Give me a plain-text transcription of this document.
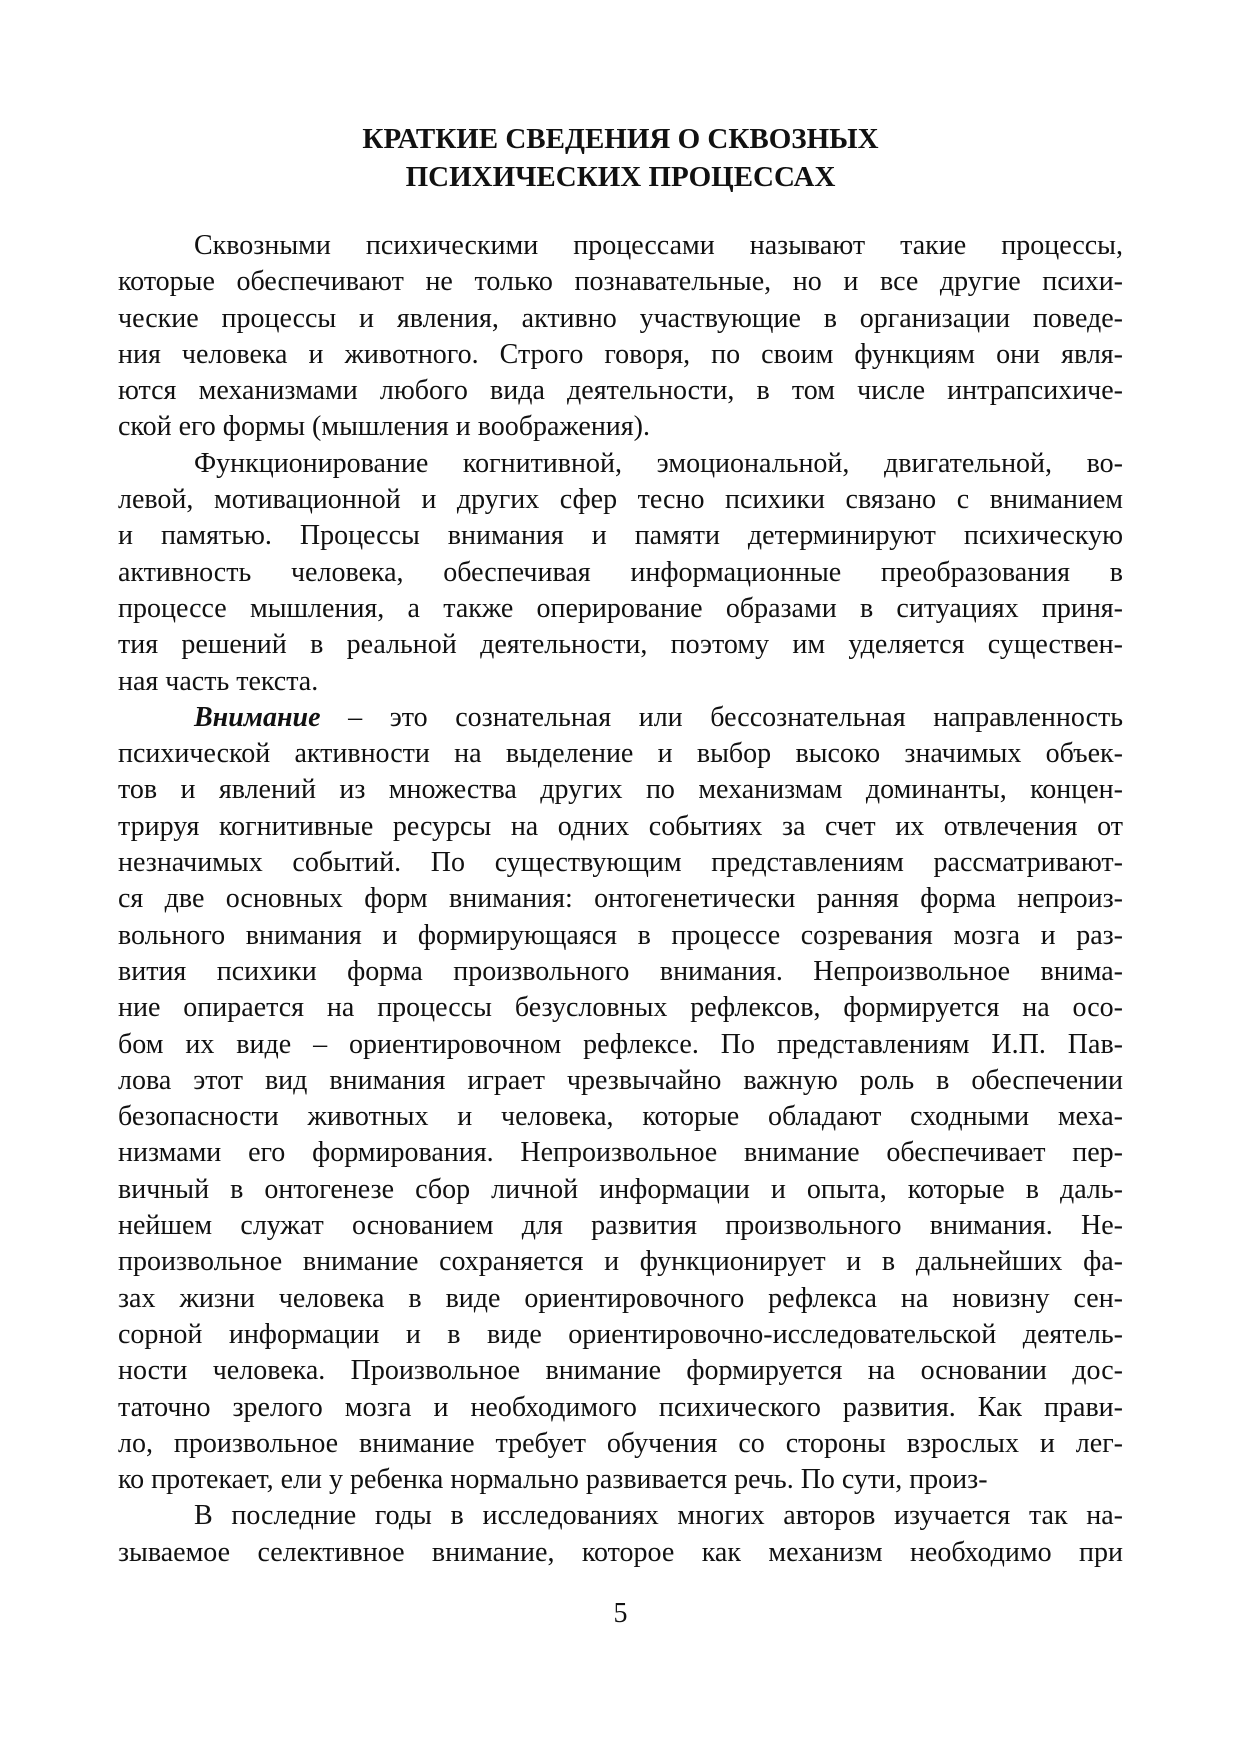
КРАТКИЕ СВЕДЕНИЯ О СКВОЗНЫХ
ПСИХИЧЕСКИХ ПРОЦЕССАХ
Сквозными психическими процессами называют такие процессы,
которые обеспечивают не только познавательные, но и все другие психи-
ческие процессы и явления, активно участвующие в организации поведе-
ния человека и животного. Строго говоря, по своим функциям они явля-
ются механизмами любого вида деятельности, в том числе интрапсихиче-
ской его формы (мышления и воображения).
Функционирование когнитивной, эмоциональной, двигательной, во-
левой, мотивационной и других сфер тесно психики связано с вниманием
и памятью. Процессы внимания и памяти детерминируют психическую
активность человека, обеспечивая информационные преобразования в
процессе мышления, а также оперирование образами в ситуациях приня-
тия решений в реальной деятельности, поэтому им уделяется существен-
ная часть текста.
Внимание – это сознательная или бессознательная направленность
психической активности на выделение и выбор высоко значимых объек-
тов и явлений из множества других по механизмам доминанты, концен-
трируя когнитивные ресурсы на одних событиях за счет их отвлечения от
незначимых событий. По существующим представлениям рассматривают-
ся две основных форм внимания: онтогенетически ранняя форма непроиз-
вольного внимания и формирующаяся в процессе созревания мозга и раз-
вития психики форма произвольного внимания. Непроизвольное внима-
ние опирается на процессы безусловных рефлексов, формируется на осо-
бом их виде – ориентировочном рефлексе. По представлениям И.П. Пав-
лова этот вид внимания играет чрезвычайно важную роль в обеспечении
безопасности животных и человека, которые обладают сходными меха-
низмами его формирования. Непроизвольное внимание обеспечивает пер-
вичный в онтогенезе сбор личной информации и опыта, которые в даль-
нейшем служат основанием для развития произвольного внимания. Не-
произвольное внимание сохраняется и функционирует и в дальнейших фа-
зах жизни человека в виде ориентировочного рефлекса на новизну сен-
сорной информации и в виде ориентировочно-исследовательской деятель-
ности человека. Произвольное внимание формируется на основании дос-
таточно зрелого мозга и необходимого психического развития. Как прави-
ло, произвольное внимание требует обучения со стороны взрослых и лег-
ко протекает, ели у ребенка нормально развивается речь. По сути, произ-
В последние годы в исследованиях многих авторов изучается так на-
зываемое селективное внимание, которое как механизм необходимо при
5
